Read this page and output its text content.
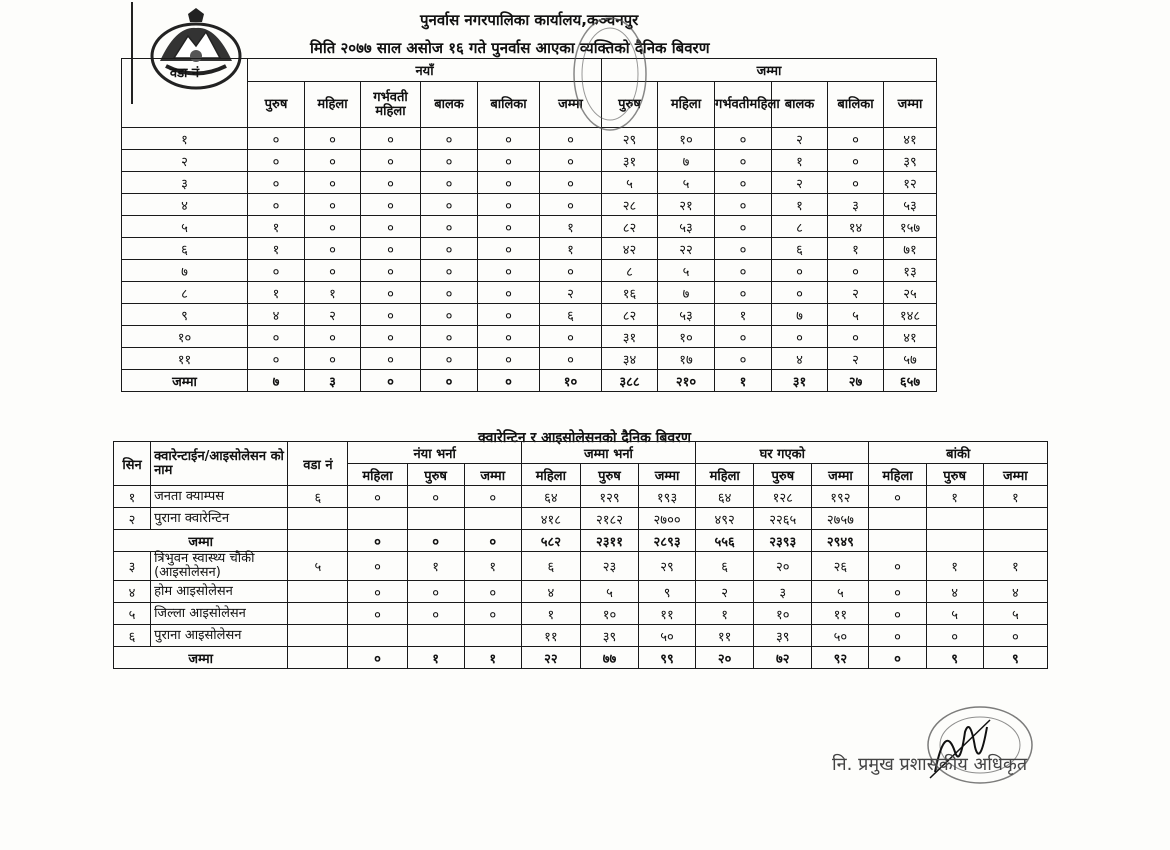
पुनर्वास नगरपालिका कार्यालय,कञ्चनपुर
मिति २०७७ साल असोज १६ गते पुनर्वास आएका व्यक्तिको दैनिक बिवरण
वडा नं	नयाँ						जम्मा					
	पुरुष	महिला	गर्भवती महिला	बालक	बालिका	जम्मा	पुरुष	महिला	गर्भवतीमहिला	बालक	बालिका	जम्मा
१	०	०	०	०	०	०	२९	१०	०	२	०	४१
२	०	०	०	०	०	०	३१	७	०	१	०	३९
३	०	०	०	०	०	०	५	५	०	२	०	१२
४	०	०	०	०	०	०	२८	२१	०	१	३	५३
५	१	०	०	०	०	१	८२	५३	०	८	१४	१५७
६	१	०	०	०	०	१	४२	२२	०	६	१	७१
७	०	०	०	०	०	०	८	५	०	०	०	१३
८	१	१	०	०	०	२	१६	७	०	०	२	२५
९	४	२	०	०	०	६	८२	५३	१	७	५	१४८
१०	०	०	०	०	०	०	३१	१०	०	०	०	४१
११	०	०	०	०	०	०	३४	१७	०	४	२	५७
जम्मा	७	३	०	०	०	१०	३८८	२१०	१	३१	२७	६५७
क्वारेन्टिन र आइसोलेसनको दैनिक बिवरण
सिन	क्वारेन्टाईन/आइसोलेसन को नाम	वडा नं	नंया भर्ना			जम्मा भर्ना			घर गएको			बांकी		
			महिला	पुरुष	जम्मा	महिला	पुरुष	जम्मा	महिला	पुरुष	जम्मा	महिला	पुरुष	जम्मा
१	जनता क्याम्पस	६	०	०	०	६४	१२९	१९३	६४	१२८	१९२	०	१	१
२	पुराना क्वारेन्टिन					४१८	२१८२	२७००	४९२	२२६५	२७५७			
जम्मा			०	०	०	५८२	२३११	२८९३	५५६	२३९३	२९४९			
३	त्रिभुवन स्वास्थ्य चौकी (आइसोलेसन)	५	०	१	१	६	२३	२९	६	२०	२६	०	१	१
४	होम आइसोलेसन		०	०	०	४	५	९	२	३	५	०	४	४
५	जिल्ला आइसोलेसन		०	०	०	१	१०	११	१	१०	११	०	५	५
६	पुराना आइसोलेसन					११	३९	५०	११	३९	५०	०	०	०
जम्मा			०	१	१	२२	७७	९९	२०	७२	९२	०	९	९
नि. प्रमुख प्रशासकीय अधिकृत
